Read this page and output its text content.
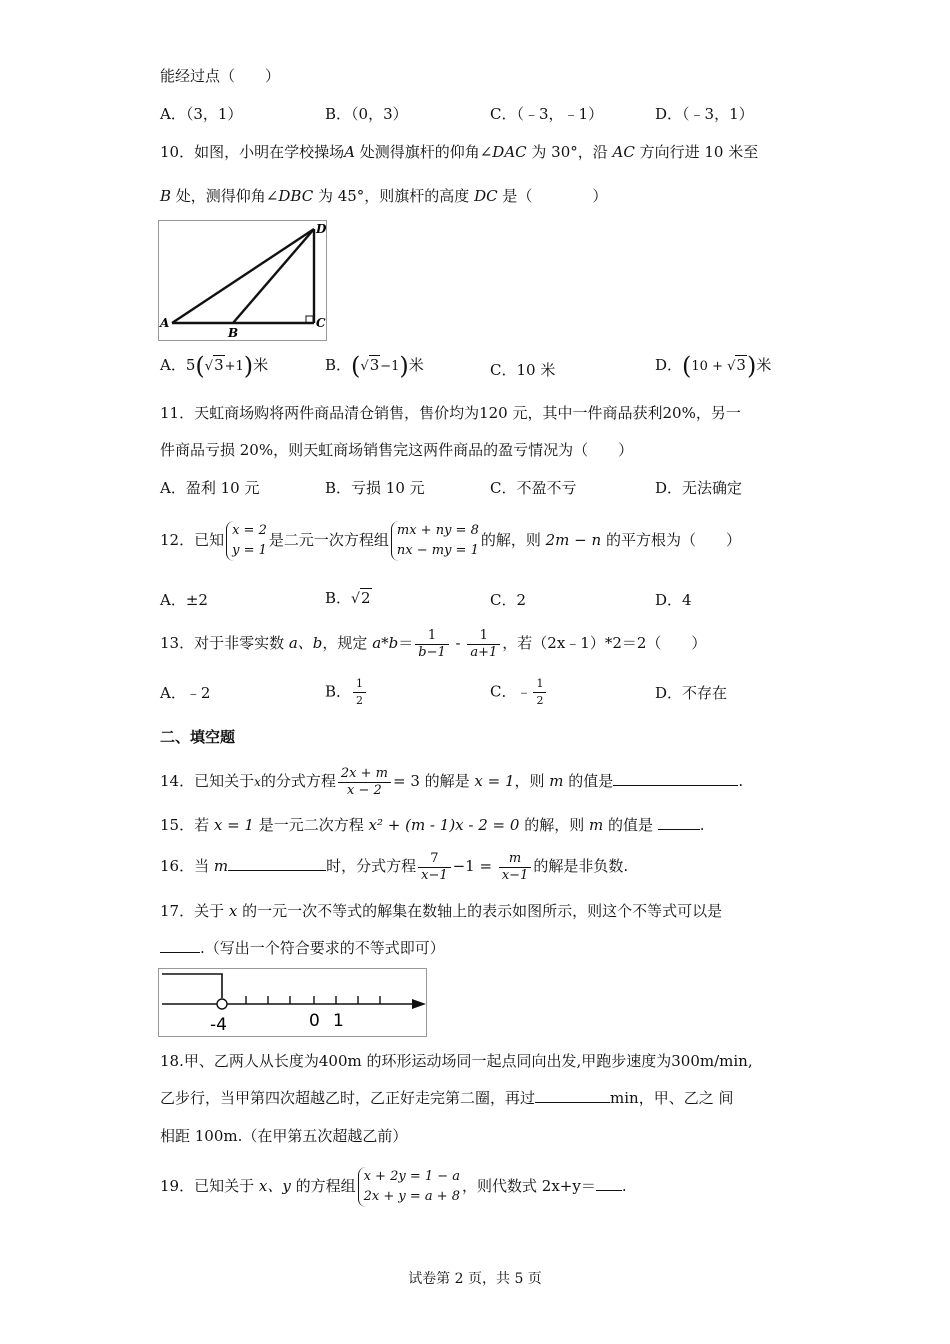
能经过点（　　）
A．（3，1）	B．（0，3）	C．（﹣3，﹣1）	D．（﹣3，1）
10．如图，小明在学校操场A 处测得旗杆的仰角∠DAC 为 30°，沿 AC 方向行进 10 米至
B 处，测得仰角∠DBC 为 45°，则旗杆的高度 DC 是（　　　　）
A
B
C
D
A．5(√3+1)米	B．(√3−1)米	C．10 米	D．(10 + √3)米
11．天虹商场购将两件商品清仓销售，售价均为120 元，其中一件商品获利20%，另一
件商品亏损 20%，则天虹商场销售完这两件商品的盈亏情况为（　　）
A．盈利 10 元	B．亏损 10 元	C．不盈不亏	D．无法确定
12．已知
x = 2
y = 1
是二元一次方程组
mx + ny = 8
nx − my = 1
的解，则 2m − n 的平方根为（　　）
A．±2	B．√2	C．2	D．4
13．对于非零实数 a、b，规定 $a*b= \frac{1}{b-1} - \frac{1}{a+1}$ ，若（2x﹣1）*2＝2（　　）
A．﹣2	B． $\frac{1}{2}$	C．﹣ $\frac{1}{2}$	D．不存在
二、填空题
14．已知关于x的分式方程 $\frac{2x + m}{x - 2} = 3$ 的解是 x = 1，则 m 的值是	.
15．若 x = 1 是一元二次方程 x² + (m - 1)x - 2 = 0 的解，则 m 的值是	.
16．当 m	时，分式方程 $\frac{7}{x-1} -1 = \frac{m}{x-1}$ 的解是非负数.
17．关于 x 的一元一次不等式的解集在数轴上的表示如图所示，则这个不等式可以是
.（写出一个符合要求的不等式即可）
-4	0 1
18.甲、乙两人从长度为400m 的环形运动场同一起点同向出发,甲跑步速度为300m/min,
乙步行，当甲第四次超越乙时，乙正好走完第二圈，再过	min，甲、乙之 间
相距 100m.（在甲第五次超越乙前）
19．已知关于 x、y 的方程组
x + 2y = 1 − a
2x + y = a + 8
，则代数式 2x+y＝ .
试卷第 2 页，共 5 页
